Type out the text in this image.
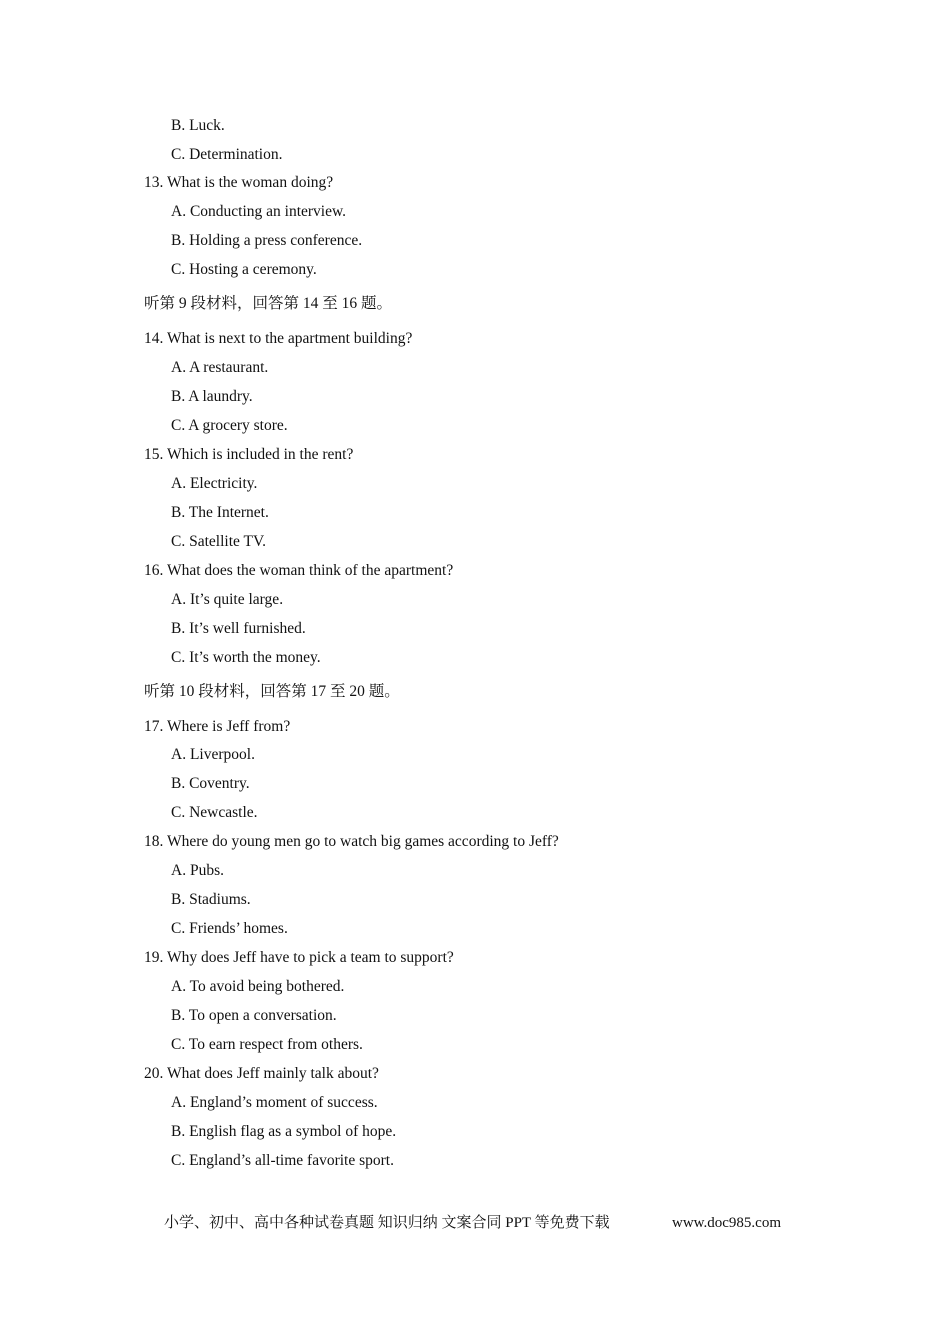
B. Luck.
C. Determination.
13. What is the woman doing?
A. Conducting an interview.
B. Holding a press conference.
C. Hosting a ceremony.
听第 9 段材料，回答第 14 至 16 题。
14. What is next to the apartment building?
A. A restaurant.
B. A laundry.
C. A grocery store.
15. Which is included in the rent?
A. Electricity.
B. The Internet.
C. Satellite TV.
16. What does the woman think of the apartment?
A. It’s quite large.
B. It’s well furnished.
C. It’s worth the money.
听第 10 段材料，回答第 17 至 20 题。
17. Where is Jeff from?
A. Liverpool.
B. Coventry.
C. Newcastle.
18. Where do young men go to watch big games according to Jeff?
A. Pubs.
B. Stadiums.
C. Friends’ homes.
19. Why does Jeff have to pick a team to support?
A. To avoid being bothered.
B. To open a conversation.
C. To earn respect from others.
20. What does Jeff mainly talk about?
A. England’s moment of success.
B. English flag as a symbol of hope.
C. England’s all-time favorite sport.
小学、初中、高中各种试卷真题 知识归纳 文案合同 PPT 等免费下载	www.doc985.com
